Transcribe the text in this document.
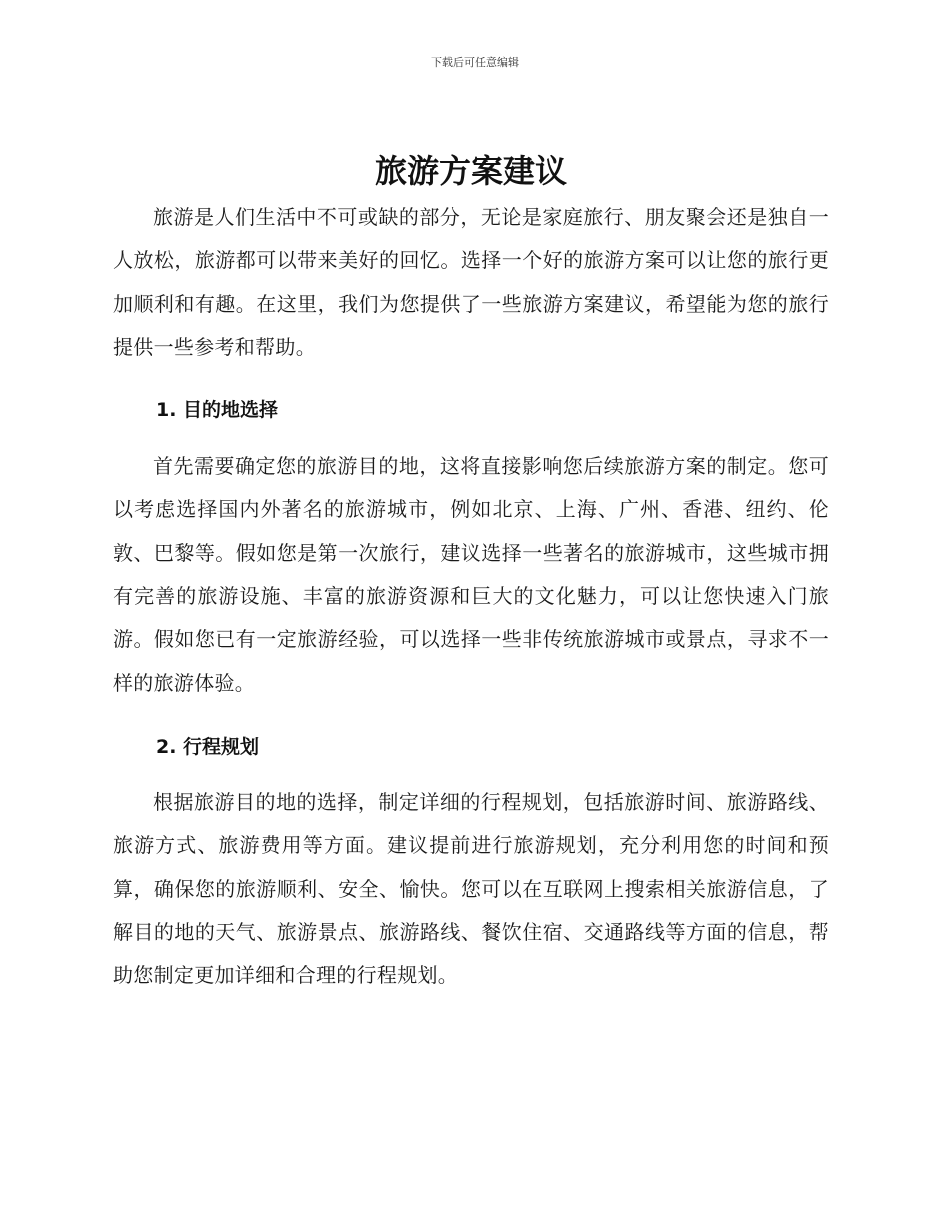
下载后可任意编辑
旅游方案建议

旅游是人们生活中不可或缺的部分，无论是家庭旅行、朋友聚会还是独自一人放松，旅游都可以带来美好的回忆。选择一个好的旅游方案可以让您的旅行更加顺利和有趣。在这里，我们为您提供了一些旅游方案建议，希望能为您的旅行提供一些参考和帮助。

1. 目的地选择

首先需要确定您的旅游目的地，这将直接影响您后续旅游方案的制定。您可以考虑选择国内外著名的旅游城市，例如北京、上海、广州、香港、纽约、伦敦、巴黎等。假如您是第一次旅行，建议选择一些著名的旅游城市，这些城市拥有完善的旅游设施、丰富的旅游资源和巨大的文化魅力，可以让您快速入门旅游。假如您已有一定旅游经验，可以选择一些非传统旅游城市或景点，寻求不一样的旅游体验。

2. 行程规划

根据旅游目的地的选择，制定详细的行程规划，包括旅游时间、旅游路线、旅游方式、旅游费用等方面。建议提前进行旅游规划，充分利用您的时间和预算，确保您的旅游顺利、安全、愉快。您可以在互联网上搜索相关旅游信息，了解目的地的天气、旅游景点、旅游路线、餐饮住宿、交通路线等方面的信息，帮助您制定更加详细和合理的行程规划。
